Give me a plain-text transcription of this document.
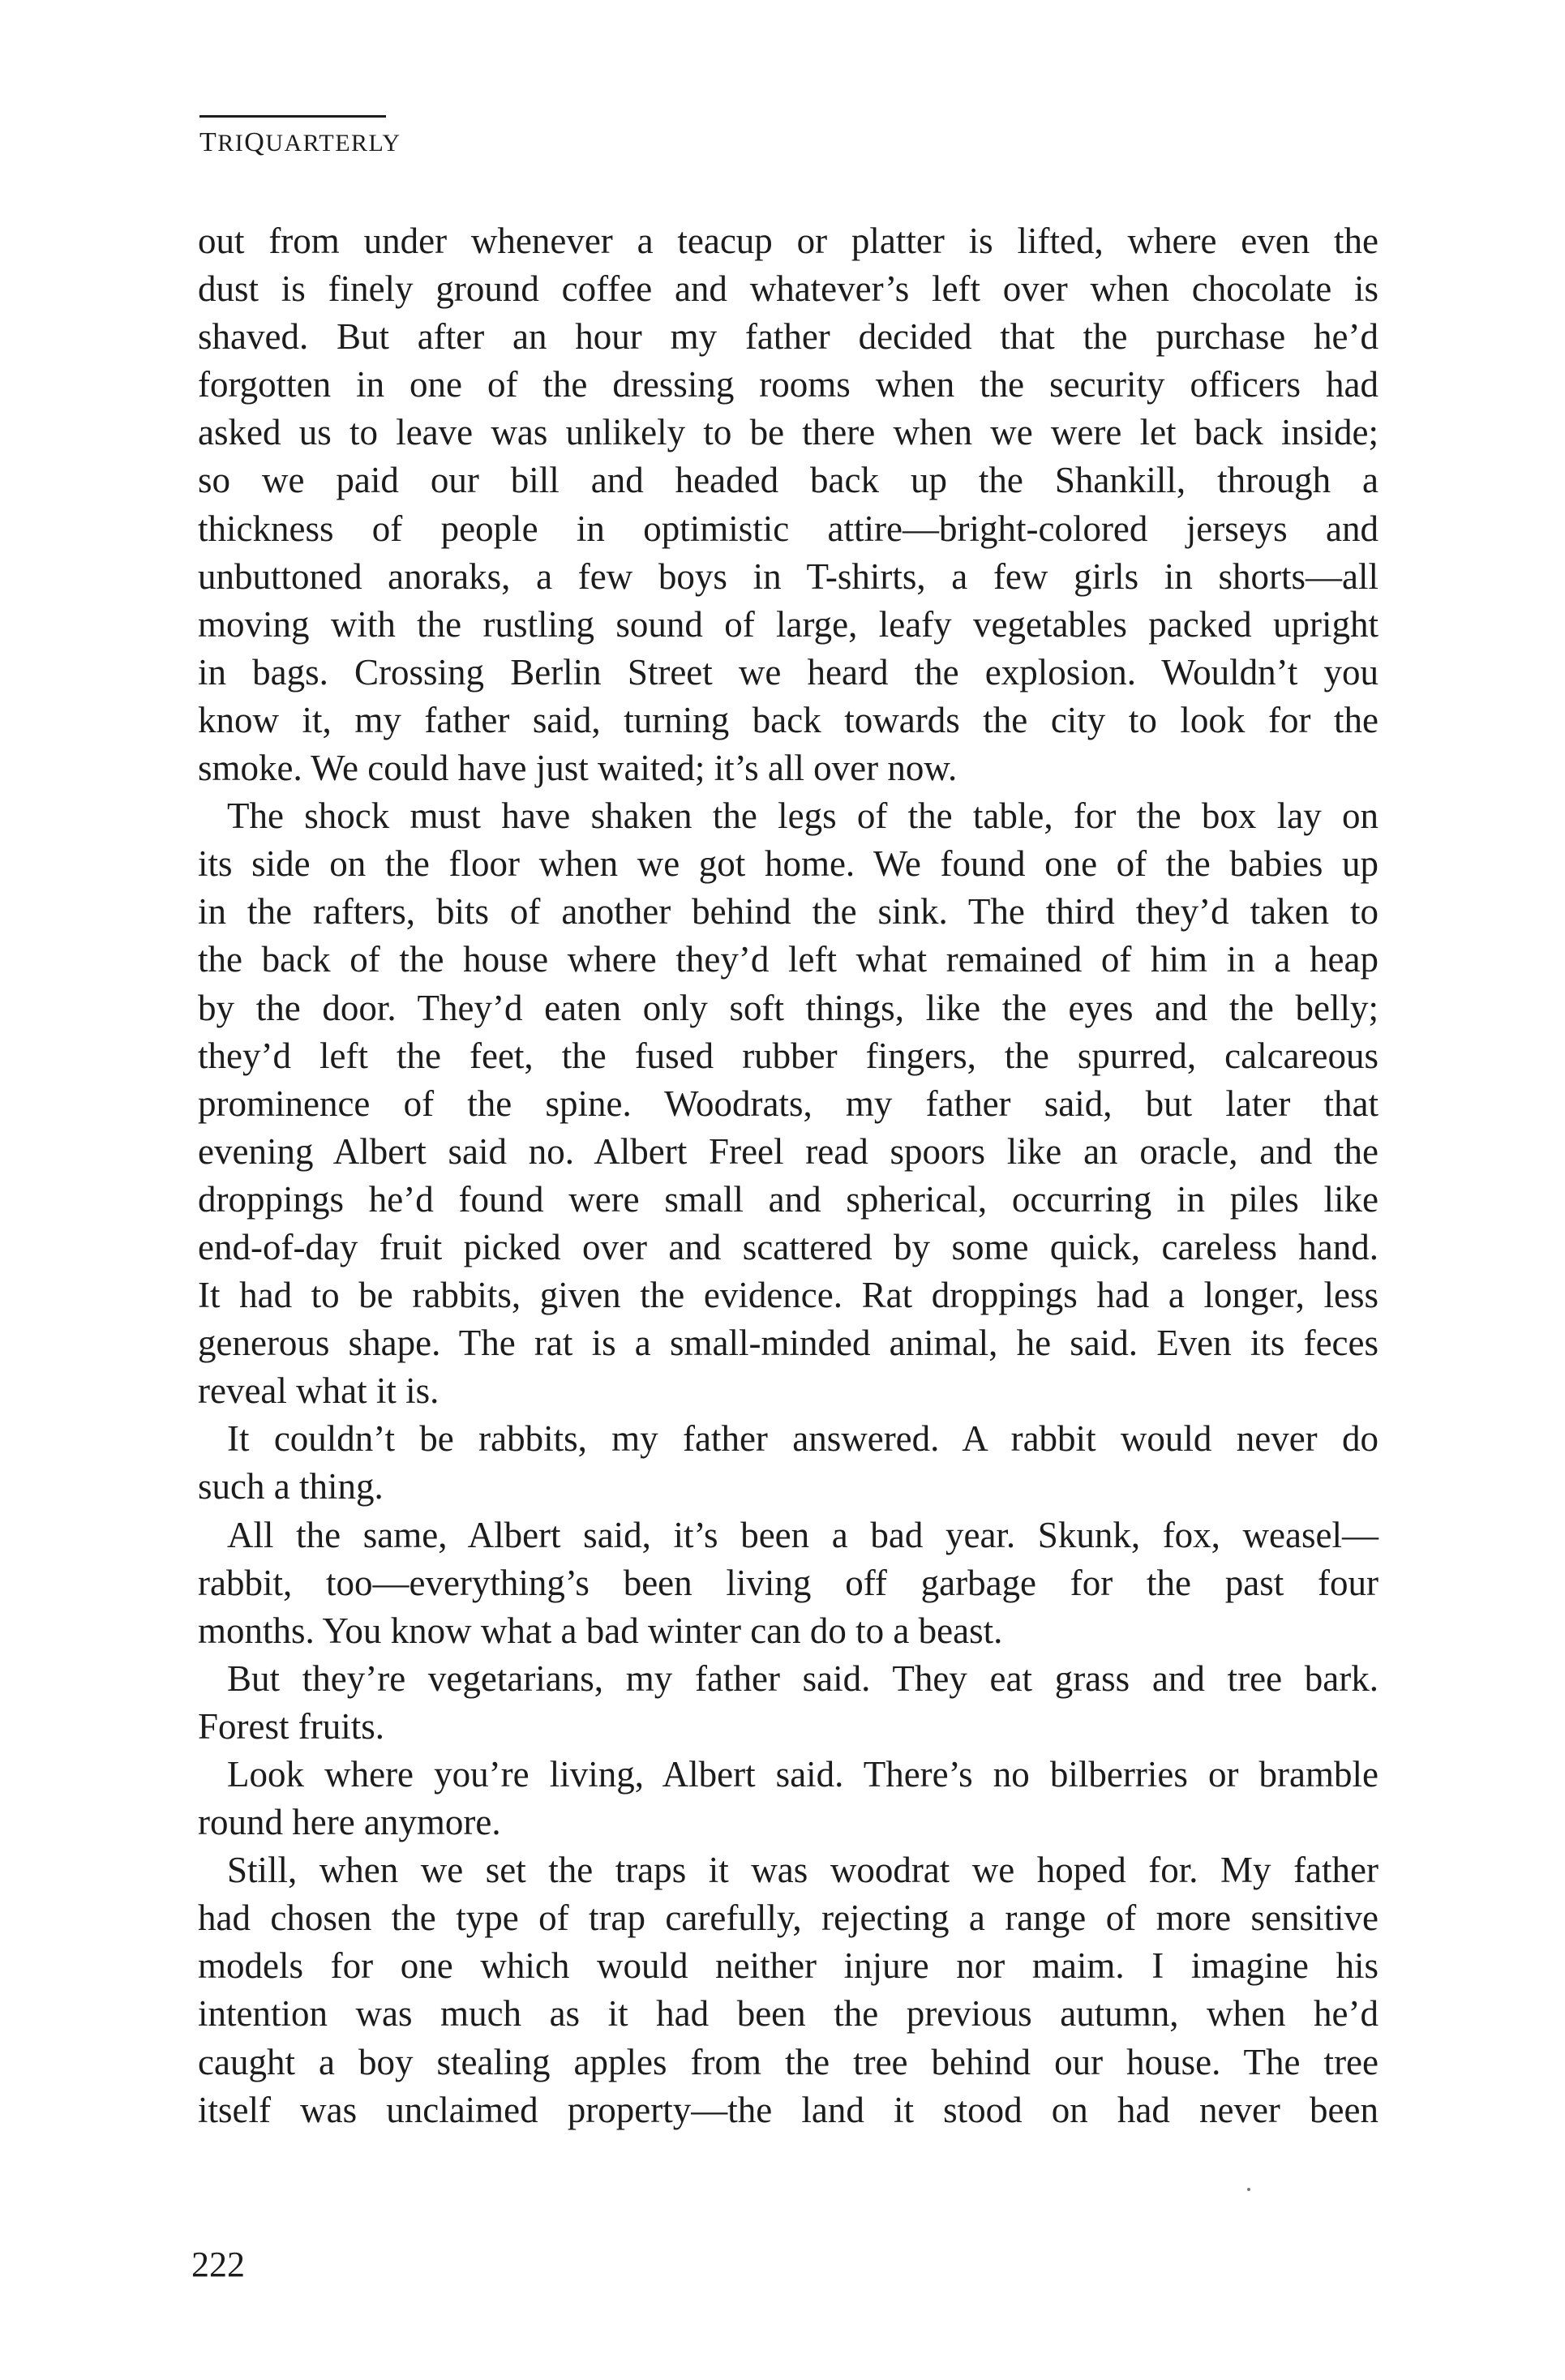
TRIQUARTERLY
out from under whenever a teacup or platter is lifted, where even the
dust is finely ground coffee and whatever’s left over when chocolate is
shaved. But after an hour my father decided that the purchase he’d
forgotten in one of the dressing rooms when the security officers had
asked us to leave was unlikely to be there when we were let back inside;
so we paid our bill and headed back up the Shankill, through a
thickness of people in optimistic attire—bright-colored jerseys and
unbuttoned anoraks, a few boys in T-shirts, a few girls in shorts—all
moving with the rustling sound of large, leafy vegetables packed upright
in bags. Crossing Berlin Street we heard the explosion. Wouldn’t you
know it, my father said, turning back towards the city to look for the
smoke. We could have just waited; it’s all over now.
The shock must have shaken the legs of the table, for the box lay on
its side on the floor when we got home. We found one of the babies up
in the rafters, bits of another behind the sink. The third they’d taken to
the back of the house where they’d left what remained of him in a heap
by the door. They’d eaten only soft things, like the eyes and the belly;
they’d left the feet, the fused rubber fingers, the spurred, calcareous
prominence of the spine. Woodrats, my father said, but later that
evening Albert said no. Albert Freel read spoors like an oracle, and the
droppings he’d found were small and spherical, occurring in piles like
end-of-day fruit picked over and scattered by some quick, careless hand.
It had to be rabbits, given the evidence. Rat droppings had a longer, less
generous shape. The rat is a small-minded animal, he said. Even its feces
reveal what it is.
It couldn’t be rabbits, my father answered. A rabbit would never do
such a thing.
All the same, Albert said, it’s been a bad year. Skunk, fox, weasel—
rabbit, too—everything’s been living off garbage for the past four
months. You know what a bad winter can do to a beast.
But they’re vegetarians, my father said. They eat grass and tree bark.
Forest fruits.
Look where you’re living, Albert said. There’s no bilberries or bramble
round here anymore.
Still, when we set the traps it was woodrat we hoped for. My father
had chosen the type of trap carefully, rejecting a range of more sensitive
models for one which would neither injure nor maim. I imagine his
intention was much as it had been the previous autumn, when he’d
caught a boy stealing apples from the tree behind our house. The tree
itself was unclaimed property—the land it stood on had never been
222
